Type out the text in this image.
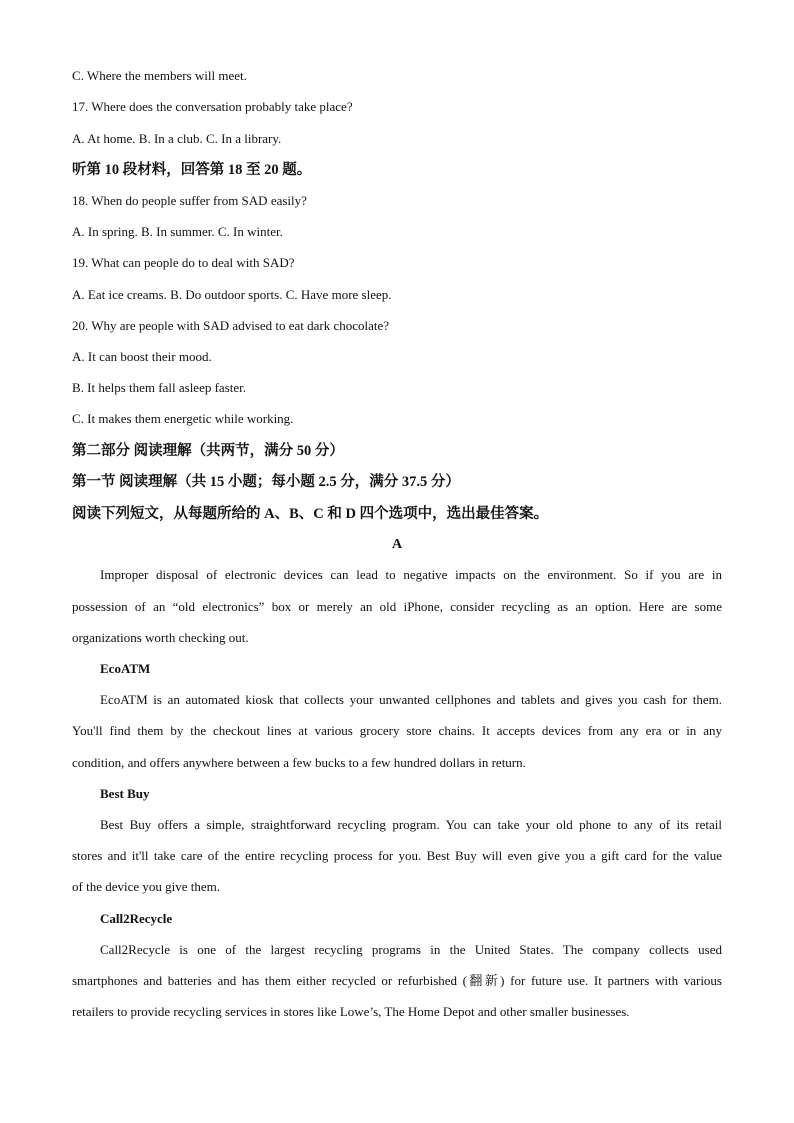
C. Where the members will meet.
17. Where does the conversation probably take place?
A. At home. B. In a club. C. In a library.
听第 10 段材料，回答第 18 至 20 题。
18. When do people suffer from SAD easily?
A. In spring. B. In summer. C. In winter.
19. What can people do to deal with SAD?
A. Eat ice creams. B. Do outdoor sports. C. Have more sleep.
20. Why are people with SAD advised to eat dark chocolate?
A. It can boost their mood.
B. It helps them fall asleep faster.
C. It makes them energetic while working.
第二部分 阅读理解（共两节，满分 50 分）
第一节 阅读理解（共 15 小题；每小题 2.5 分，满分 37.5 分）
阅读下列短文，从每题所给的 A、B、C 和 D 四个选项中，选出最佳答案。
A
Improper disposal of electronic devices can lead to negative impacts on the environment. So if you are in
possession of an “old electronics” box or merely an old iPhone, consider recycling as an option. Here are some
organizations worth checking out.
EcoATM
EcoATM is an automated kiosk that collects your unwanted cellphones and tablets and gives you cash for them.
You'll find them by the checkout lines at various grocery store chains. It accepts devices from any era or in any
condition, and offers anywhere between a few bucks to a few hundred dollars in return.
Best Buy
Best Buy offers a simple, straightforward recycling program. You can take your old phone to any of its retail
stores and it'll take care of the entire recycling process for you. Best Buy will even give you a gift card for the value
of the device you give them.
Call2Recycle
Call2Recycle is one of the largest recycling programs in the United States. The company collects used
smartphones and batteries and has them either recycled or refurbished (翻新) for future use. It partners with various
retailers to provide recycling services in stores like Lowe’s, The Home Depot and other smaller businesses.
